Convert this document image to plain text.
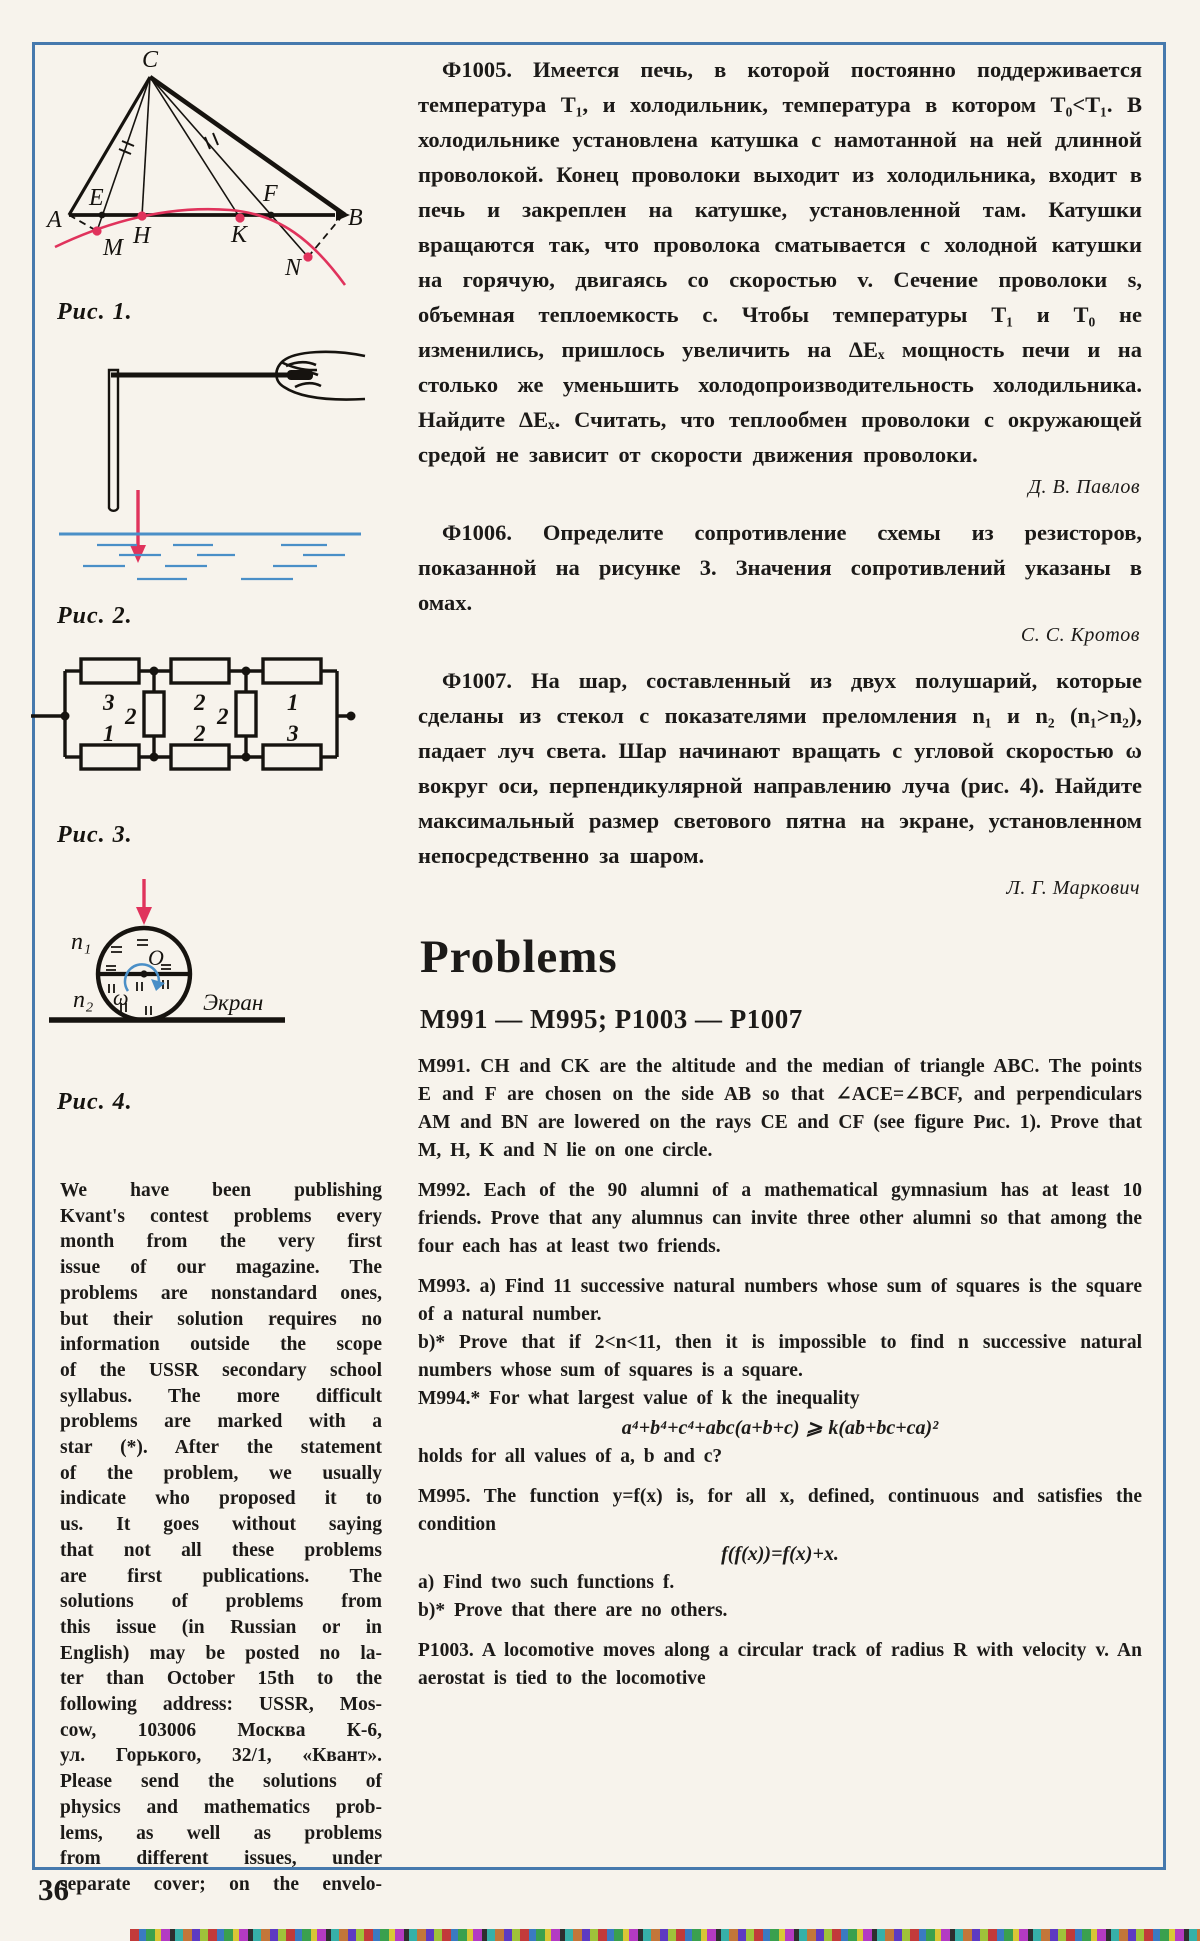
C
A	B
E	F
M H	K
N
Рис. 1.
Рис. 2.
3	2	1
1	2	3
2	2
Рис. 3.
n₁
n₂ ω
O
Экран
Рис. 4.
We have been publishing
Kvant's contest problems every
month from the very first
issue of our magazine. The
problems are nonstandard ones,
but their solution requires no
information outside the scope
of the USSR secondary school
syllabus. The more difficult
problems are marked with a
star (*). After the statement
of the problem, we usually
indicate who proposed it to
us. It goes without saying
that not all these problems
are first publications. The
solutions of problems from
this issue (in Russian or in
English) may be posted no la-
ter than October 15th to the
following address: USSR, Mos-
cow, 103006 Москва К-6,
ул. Горького, 32/1, «Квант».
Please send the solutions of
physics and mathematics prob-
lems, as well as problems
from different issues, under
separate cover; on the envelo-

Ф1005. Имеется печь, в которой постоянно поддерживается температура T₁, и холодильник, температура в котором T₀<T₁. В холодильнике установлена катушка с намотанной на ней длинной проволокой. Конец проволоки выходит из холодильника, входит в печь и закреплен на катушке, установленной там. Катушки вращаются так, что проволока сматывается с холодной катушки на горячую, двигаясь со скоростью v. Сечение проволоки s, объемная теплоемкость c. Чтобы температуры T₁ и T₀ не изменились, пришлось увеличить на ΔEₓ мощность печи и на столько же уменьшить холодопроизводительность холодильника. Найдите ΔEₓ. Считать, что теплообмен проволоки с окружающей средой не зависит от скорости движения проволоки.

Д. В. Павлов

Ф1006. Определите сопротивление схемы из резисторов, показанной на рисунке 3. Значения сопротивлений указаны в омах.

С. С. Кротов

Ф1007. На шар, составленный из двух полушарий, которые сделаны из стекол с показателями преломления n₁ и n₂ (n₁>n₂), падает луч света. Шар начинают вращать с угловой скоростью ω вокруг оси, перпендикулярной направлению луча (рис. 4). Найдите максимальный размер светового пятна на экране, установленном непосредственно за шаром.

Л. Г. Маркович
Problems
M991 — M995; P1003 — P1007

M991. CH and CK are the altitude and the median of triangle ABC. The points E and F are chosen on the side AB so that ∠ACE=∠BCF, and perpendiculars AM and BN are lowered on the rays CE and CF (see figure Рис. 1). Prove that M, H, K and N lie on one circle.

M992. Each of the 90 alumni of a mathematical gymnasium has at least 10 friends. Prove that any alumnus can invite three other alumni so that among the four each has at least two friends.

M993. a) Find 11 successive natural numbers whose sum of squares is the square of a natural number.
b)* Prove that if 2<n<11, then it is impossible to find n successive natural numbers whose sum of squares is a square.

M994.* For what largest value of k the inequality

a⁴+b⁴+c⁴+abc(a+b+c) ⩾ k(ab+bc+ca)²

holds for all values of a, b and c?

M995. The function y=f(x) is, for all x, defined, continuous and satisfies the condition

f(f(x))=f(x)+x.

a) Find two such functions f.

b)* Prove that there are no others.

P1003. A locomotive moves along a circular track of radius R with velocity v. An aerostat is tied to the locomotive

36
